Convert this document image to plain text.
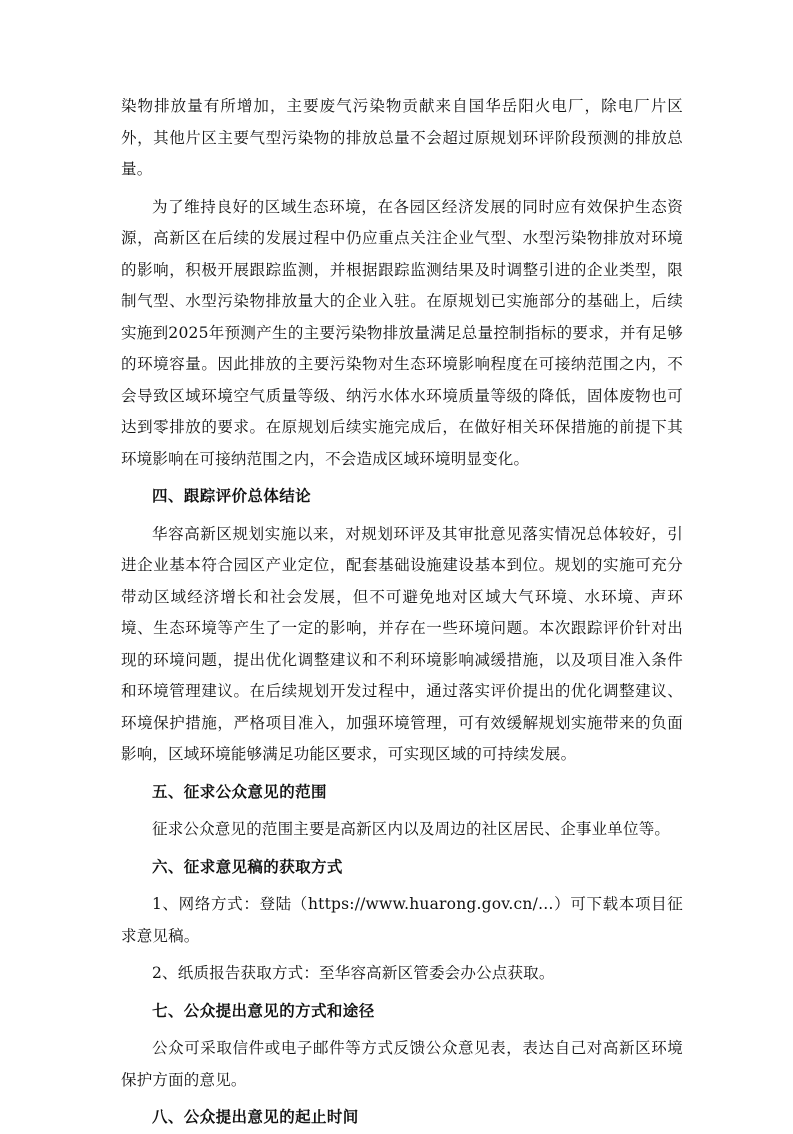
染物排放量有所增加，主要废气污染物贡献来自国华岳阳火电厂，除电厂片区外，其他片区主要气型污染物的排放总量不会超过原规划环评阶段预测的排放总量。

为了维持良好的区域生态环境，在各园区经济发展的同时应有效保护生态资源，高新区在后续的发展过程中仍应重点关注企业气型、水型污染物排放对环境的影响，积极开展跟踪监测，并根据跟踪监测结果及时调整引进的企业类型，限制气型、水型污染物排放量大的企业入驻。在原规划已实施部分的基础上，后续实施到2025年预测产生的主要污染物排放量满足总量控制指标的要求，并有足够的环境容量。因此排放的主要污染物对生态环境影响程度在可接纳范围之内，不会导致区域环境空气质量等级、纳污水体水环境质量等级的降低，固体废物也可达到零排放的要求。在原规划后续实施完成后，在做好相关环保措施的前提下其环境影响在可接纳范围之内，不会造成区域环境明显变化。

四、跟踪评价总体结论

华容高新区规划实施以来，对规划环评及其审批意见落实情况总体较好，引进企业基本符合园区产业定位，配套基础设施建设基本到位。规划的实施可充分带动区域经济增长和社会发展，但不可避免地对区域大气环境、水环境、声环境、生态环境等产生了一定的影响，并存在一些环境问题。本次跟踪评价针对出现的环境问题，提出优化调整建议和不利环境影响减缓措施，以及项目准入条件和环境管理建议。在后续规划开发过程中，通过落实评价提出的优化调整建议、环境保护措施，严格项目准入，加强环境管理，可有效缓解规划实施带来的负面影响，区域环境能够满足功能区要求，可实现区域的可持续发展。

五、征求公众意见的范围

征求公众意见的范围主要是高新区内以及周边的社区居民、企事业单位等。

六、征求意见稿的获取方式

1、网络方式：登陆（https://www.huarong.gov.cn/…）可下载本项目征求意见稿。

2、纸质报告获取方式：至华容高新区管委会办公点获取。

七、公众提出意见的方式和途径

公众可采取信件或电子邮件等方式反馈公众意见表，表达自己对高新区环境保护方面的意见。

八、公众提出意见的起止时间
